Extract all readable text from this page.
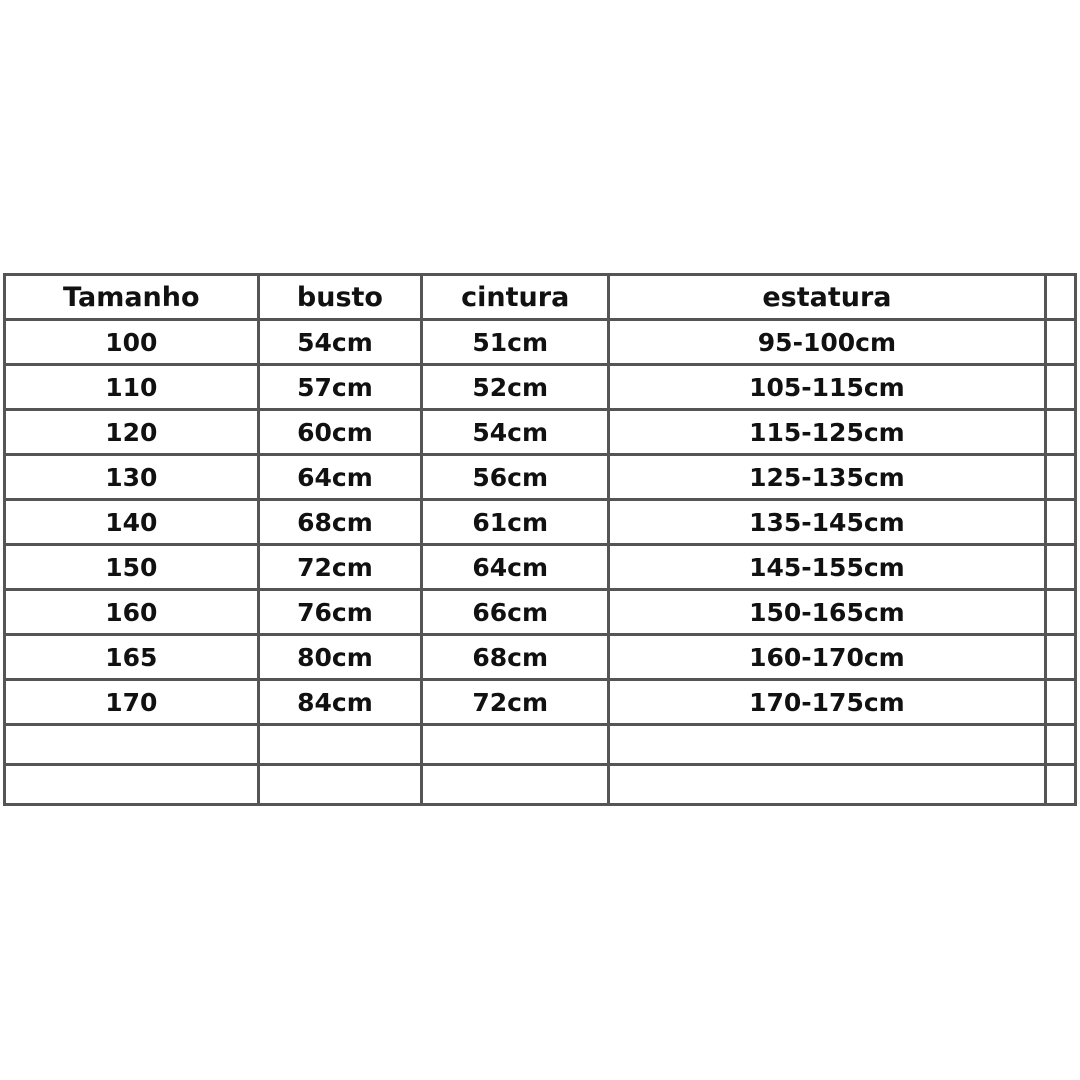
Tamanho	busto	cintura	estatura	
100	54cm	51cm	95-100cm	
110	57cm	52cm	105-115cm	
120	60cm	54cm	115-125cm	
130	64cm	56cm	125-135cm	
140	68cm	61cm	135-145cm	
150	72cm	64cm	145-155cm	
160	76cm	66cm	150-165cm	
165	80cm	68cm	160-170cm	
170	84cm	72cm	170-175cm	
